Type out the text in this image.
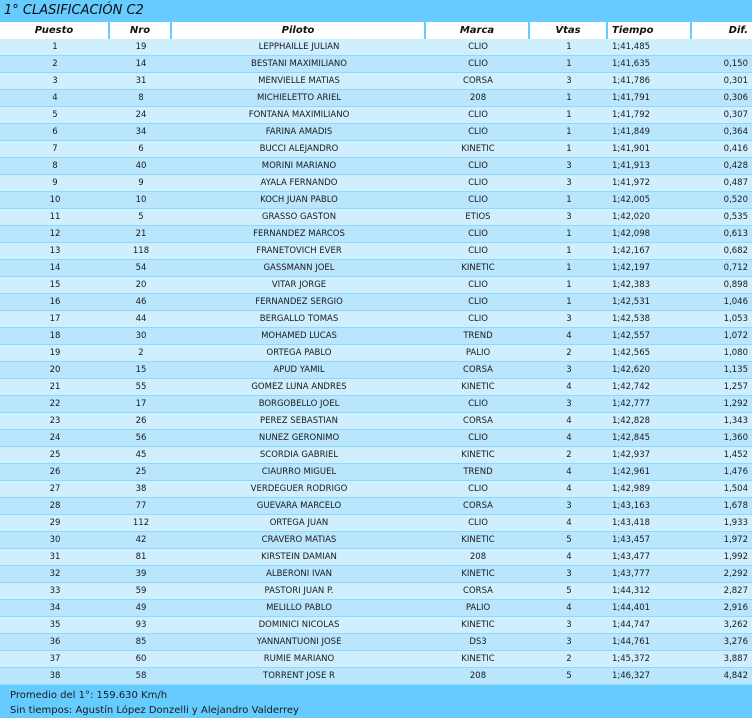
1° CLASIFICACIÓN C2
Puesto	Nro	Piloto	Marca	Vtas	Tiempo	Dif.
1	19	LEPPHAILLE JULIAN	CLIO	1	1;41,485	
2	14	BESTANI MAXIMILIANO	CLIO	1	1;41,635	0,150
3	31	MENVIELLE MATIAS	CORSA	3	1;41,786	0,301
4	8	MICHIELETTO ARIEL	208	1	1;41,791	0,306
5	24	FONTANA MAXIMILIANO	CLIO	1	1;41,792	0,307
6	34	FARINA AMADIS	CLIO	1	1;41,849	0,364
7	6	BUCCI ALEJANDRO	KINETIC	1	1;41,901	0,416
8	40	MORINI MARIANO	CLIO	3	1;41,913	0,428
9	9	AYALA FERNANDO	CLIO	3	1;41,972	0,487
10	10	KOCH JUAN PABLO	CLIO	1	1;42,005	0,520
11	5	GRASSO GASTON	ETIOS	3	1;42,020	0,535
12	21	FERNANDEZ MARCOS	CLIO	1	1;42,098	0,613
13	118	FRANETOVICH EVER	CLIO	1	1;42,167	0,682
14	54	GASSMANN JOEL	KINETIC	1	1;42,197	0,712
15	20	VITAR JORGE	CLIO	1	1;42,383	0,898
16	46	FERNANDEZ SERGIO	CLIO	1	1;42,531	1,046
17	44	BERGALLO TOMAS	CLIO	3	1;42,538	1,053
18	30	MOHAMED LUCAS	TREND	4	1;42,557	1,072
19	2	ORTEGA PABLO	PALIO	2	1;42,565	1,080
20	15	APUD YAMIL	CORSA	3	1;42,620	1,135
21	55	GOMEZ LUNA ANDRES	KINETIC	4	1;42,742	1,257
22	17	BORGOBELLO JOEL	CLIO	3	1;42,777	1,292
23	26	PEREZ SEBASTIAN	CORSA	4	1;42,828	1,343
24	56	NUNEZ GERONIMO	CLIO	4	1;42,845	1,360
25	45	SCORDIA GABRIEL	KINETIC	2	1;42,937	1,452
26	25	CIAURRO MIGUEL	TREND	4	1;42,961	1,476
27	38	VERDEGUER RODRIGO	CLIO	4	1;42,989	1,504
28	77	GUEVARA MARCELO	CORSA	3	1;43,163	1,678
29	112	ORTEGA JUAN	CLIO	4	1;43,418	1,933
30	42	CRAVERO MATIAS	KINETIC	5	1;43,457	1,972
31	81	KIRSTEIN DAMIAN	208	4	1;43,477	1,992
32	39	ALBERONI IVAN	KINETIC	3	1;43,777	2,292
33	59	PASTORI JUAN P.	CORSA	5	1;44,312	2,827
34	49	MELILLO PABLO	PALIO	4	1;44,401	2,916
35	93	DOMINICI NICOLAS	KINETIC	3	1;44,747	3,262
36	85	YANNANTUONI JOSE	DS3	3	1;44,761	3,276
37	60	RUMIE MARIANO	KINETIC	2	1;45,372	3,887
38	58	TORRENT JOSE R	208	5	1;46,327	4,842
Promedio del 1°: 159.630 Km/h
Sin tiempos: Agustín López Donzelli y Alejandro Valderrey
